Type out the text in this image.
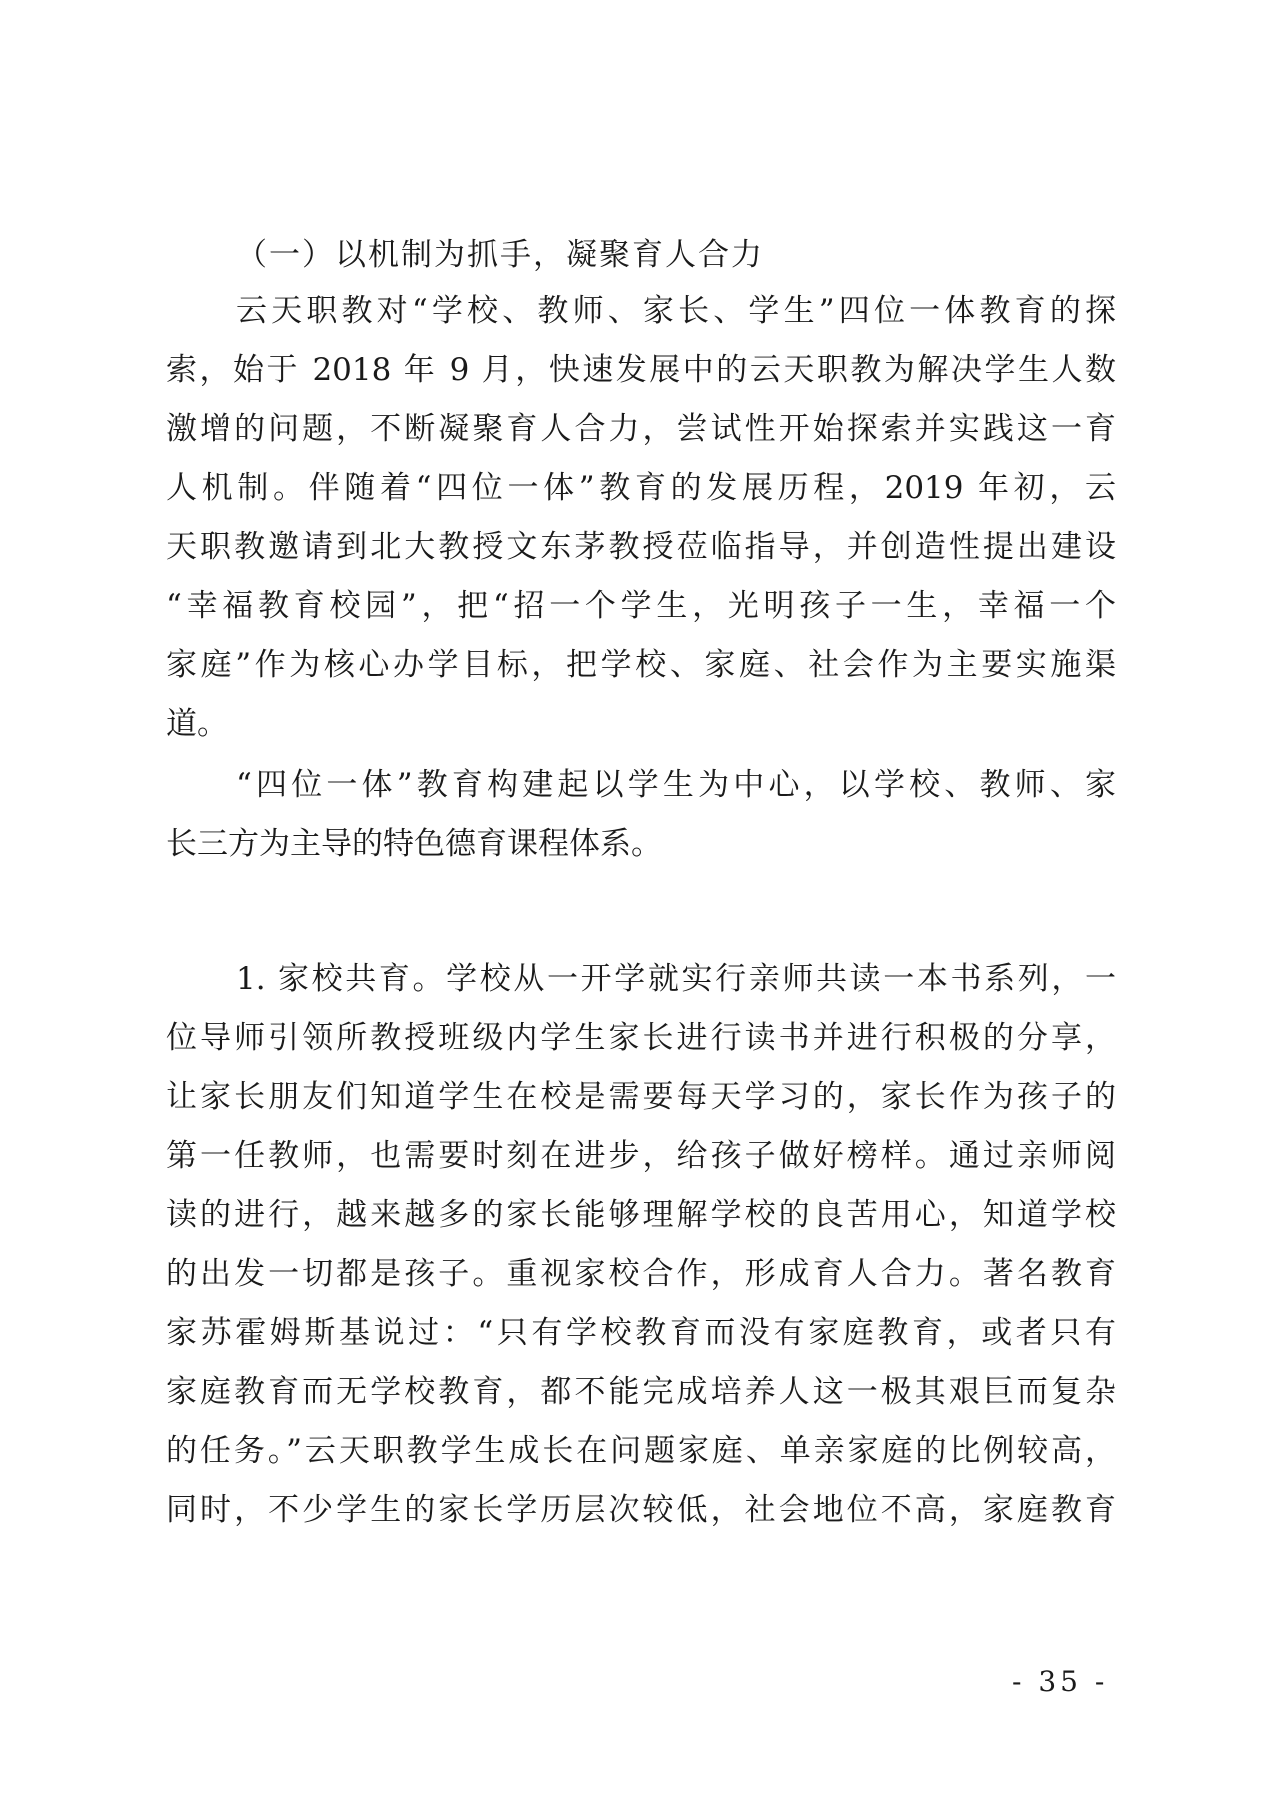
（一）以机制为抓手，凝聚育人合力
云天职教对“学校、教师、家长、学生”四位一体教育的探
索，始于 2018 年 9 月，快速发展中的云天职教为解决学生人数
激增的问题，不断凝聚育人合力，尝试性开始探索并实践这一育
人机制。伴随着“四位一体”教育的发展历程，2019 年初，云
天职教邀请到北大教授文东茅教授莅临指导，并创造性提出建设
“幸福教育校园”，把“招一个学生，光明孩子一生，幸福一个
家庭”作为核心办学目标，把学校、家庭、社会作为主要实施渠
道。
“四位一体”教育构建起以学生为中心，以学校、教师、家
长三方为主导的特色德育课程体系。
1. 家校共育。学校从一开学就实行亲师共读一本书系列，一
位导师引领所教授班级内学生家长进行读书并进行积极的分享，
让家长朋友们知道学生在校是需要每天学习的，家长作为孩子的
第一任教师，也需要时刻在进步，给孩子做好榜样。通过亲师阅
读的进行，越来越多的家长能够理解学校的良苦用心，知道学校
的出发一切都是孩子。重视家校合作，形成育人合力。著名教育
家苏霍姆斯基说过：“只有学校教育而没有家庭教育，或者只有
家庭教育而无学校教育，都不能完成培养人这一极其艰巨而复杂
的任务。”云天职教学生成长在问题家庭、单亲家庭的比例较高，
同时，不少学生的家长学历层次较低，社会地位不高，家庭教育
- 35 -
